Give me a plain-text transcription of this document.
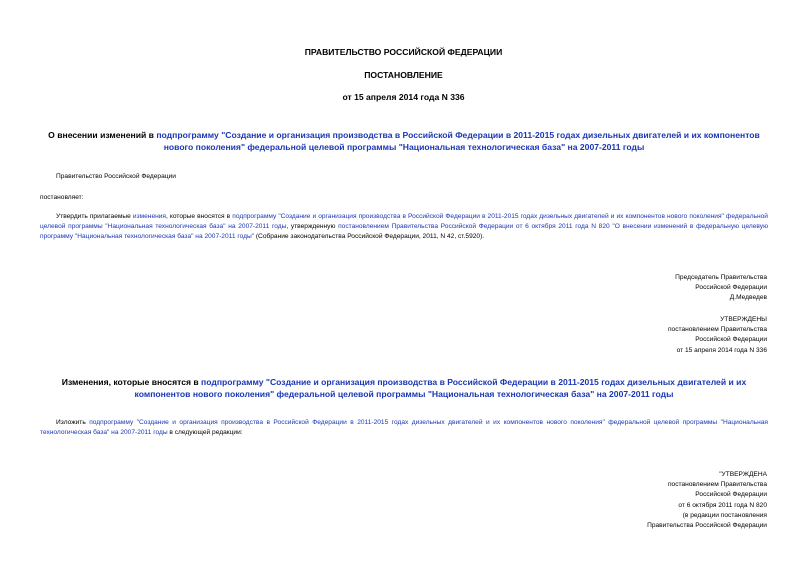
ПРАВИТЕЛЬСТВО РОССИЙСКОЙ ФЕДЕРАЦИИ
ПОСТАНОВЛЕНИЕ
от 15 апреля 2014 года N 336
О внесении изменений в подпрограмму "Создание и организация производства в Российской Федерации в 2011-2015 годах дизельных двигателей и их компонентов нового поколения" федеральной целевой программы "Национальная технологическая база" на 2007-2011 годы
Правительство Российской Федерации
постановляет:
Утвердить прилагаемые изменения, которые вносятся в подпрограмму "Создание и организация производства в Российской Федерации в 2011-2015 годах дизельных двигателей и их компонентов нового поколения" федеральной целевой программы "Национальная технологическая база" на 2007-2011 годы, утвержденную постановлением Правительства Российской Федерации от 6 октября 2011 года N 820 "О внесении изменений в федеральную целевую программу "Национальная технологическая база" на 2007-2011 годы" (Собрание законодательства Российской Федерации, 2011, N 42, ст.5920).
Председатель Правительства
Российской Федерации
Д.Медведев
УТВЕРЖДЕНЫ
постановлением Правительства
Российской Федерации
от 15 апреля 2014 года N 336
Изменения, которые вносятся в подпрограмму "Создание и организация производства в Российской Федерации в 2011-2015 годах дизельных двигателей и их компонентов нового поколения" федеральной целевой программы "Национальная технологическая база" на 2007-2011 годы
Изложить подпрограмму "Создание и организация производства в Российской Федерации в 2011-2015 годах дизельных двигателей и их компонентов нового поколения" федеральной целевой программы "Национальная технологическая база" на 2007-2011 годы в следующей редакции:
"УТВЕРЖДЕНА
постановлением Правительства
Российской Федерации
от 6 октября 2011 года N 820
(в редакции постановления
Правительства Российской Федерации
